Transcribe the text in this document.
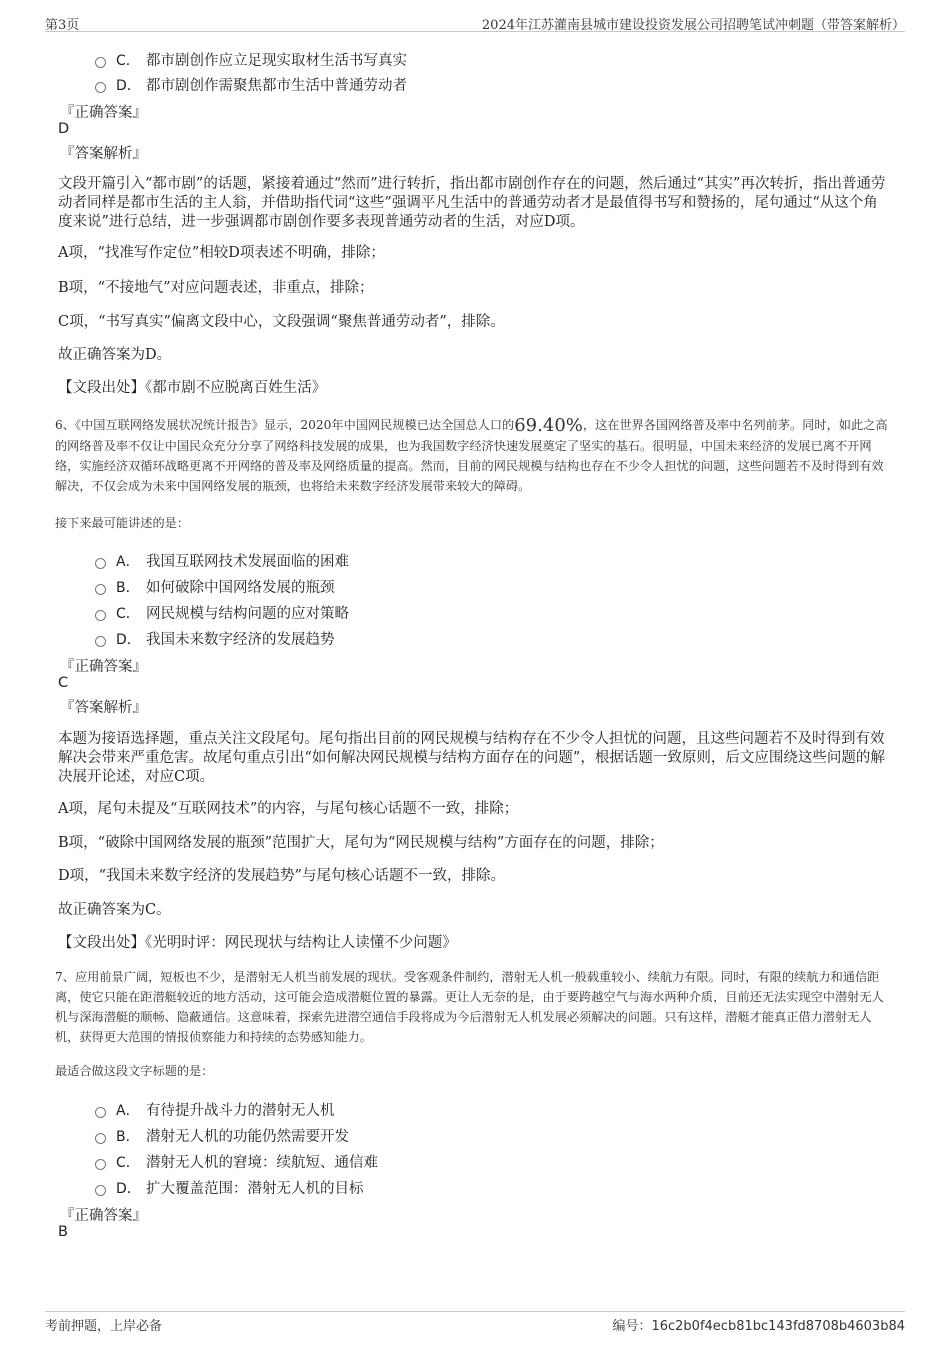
第3页	2024年江苏灌南县城市建设投资发展公司招聘笔试冲刺题（带答案解析）
C． 都市剧创作应立足现实取材生活书写真实
D． 都市剧创作需聚焦都市生活中普通劳动者
『正确答案』
D
『答案解析』
文段开篇引入“都市剧”的话题，紧接着通过“然而”进行转折，指出都市剧创作存在的问题，然后通过“其实”再次转折，指出普通劳动者同样是都市生活的主人翁，并借助指代词“这些”强调平凡生活中的普通劳动者才是最值得书写和赞扬的，尾句通过“从这个角度来说”进行总结，进一步强调都市剧创作要多表现普通劳动者的生活，对应D项。
A项，“找准写作定位”相较D项表述不明确，排除；
B项，“不接地气”对应问题表述，非重点，排除；
C项，“书写真实”偏离文段中心，文段强调“聚焦普通劳动者”，排除。
故正确答案为D。
【文段出处】《都市剧不应脱离百姓生活》
6、《中国互联网络发展状况统计报告》显示，2020年中国网民规模已达全国总人口的69.40%，这在世界各国网络普及率中名列前茅。同时，如此之高的网络普及率不仅让中国民众充分分享了网络科技发展的成果，也为我国数字经济快速发展奠定了坚实的基石。很明显，中国未来经济的发展已离不开网络，实施经济双循环战略更离不开网络的普及率及网络质量的提高。然而，目前的网民规模与结构也存在不少令人担忧的问题，这些问题若不及时得到有效解决，不仅会成为未来中国网络发展的瓶颈，也将给未来数字经济发展带来较大的障碍。
接下来最可能讲述的是：
A． 我国互联网技术发展面临的困难
B． 如何破除中国网络发展的瓶颈
C． 网民规模与结构问题的应对策略
D． 我国未来数字经济的发展趋势
『正确答案』
C
『答案解析』
本题为接语选择题，重点关注文段尾句。尾句指出目前的网民规模与结构存在不少令人担忧的问题，且这些问题若不及时得到有效解决会带来严重危害。故尾句重点引出“如何解决网民规模与结构方面存在的问题”，根据话题一致原则，后文应围绕这些问题的解决展开论述，对应C项。
A项，尾句未提及“互联网技术”的内容，与尾句核心话题不一致，排除；
B项，“破除中国网络发展的瓶颈”范围扩大，尾句为“网民规模与结构”方面存在的问题，排除；
D项，“我国未来数字经济的发展趋势”与尾句核心话题不一致，排除。
故正确答案为C。
【文段出处】《光明时评：网民现状与结构让人读懂不少问题》
7、应用前景广阔，短板也不少，是潜射无人机当前发展的现状。受客观条件制约，潜射无人机一般载重较小、续航力有限。同时，有限的续航力和通信距离，使它只能在距潜艇较近的地方活动，这可能会造成潜艇位置的暴露。更让人无奈的是，由于要跨越空气与海水两种介质，目前还无法实现空中潜射无人机与深海潜艇的顺畅、隐蔽通信。这意味着，探索先进潜空通信手段将成为今后潜射无人机发展必须解决的问题。只有这样，潜艇才能真正借力潜射无人机，获得更大范围的情报侦察能力和持续的态势感知能力。
最适合做这段文字标题的是：
A． 有待提升战斗力的潜射无人机
B． 潜射无人机的功能仍然需要开发
C． 潜射无人机的窘境：续航短、通信难
D． 扩大覆盖范围：潜射无人机的目标
『正确答案』
B
考前押题，上岸必备	编号：16c2b0f4ecb81bc143fd8708b4603b84
